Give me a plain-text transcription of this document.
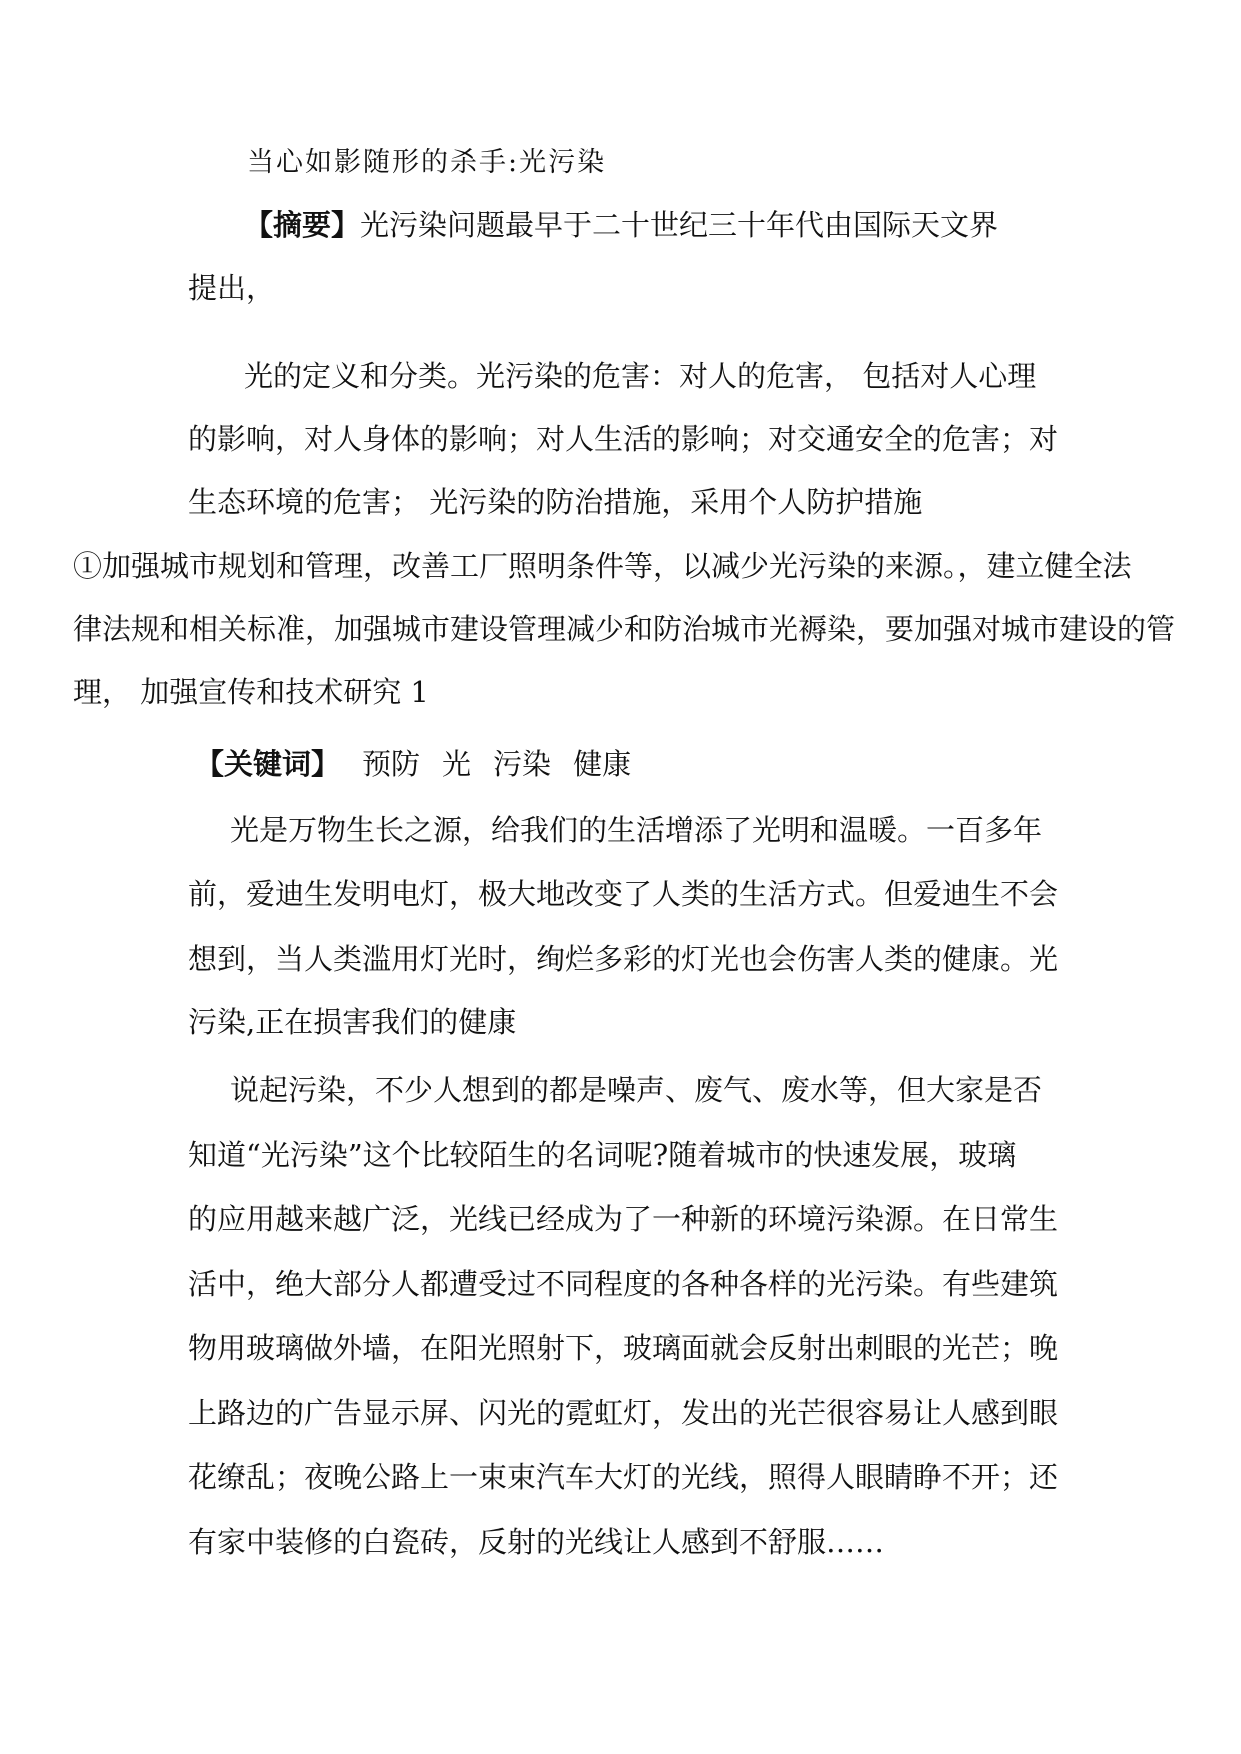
当心如影随形的杀手:光污染

【摘要】光污染问题最早于二十世纪三十年代由国际天文界

提出，

光的定义和分类。光污染的危害：对人的危害， 包括对人心理

的影响，对人身体的影响；对人生活的影响；对交通安全的危害；对

生态环境的危害； 光污染的防治措施，采用个人防护措施

①加强城市规划和管理，改善工厂照明条件等，以减少光污染的来源。，建立健全法

律法规和相关标准，加强城市建设管理减少和防治城市光褥染，要加强对城市建设的管

理， 加强宣传和技术研究 1

【关键词】 预防 光 污染 健康

光是万物生长之源，给我们的生活增添了光明和温暖。一百多年

前，爱迪生发明电灯，极大地改变了人类的生活方式。但爱迪生不会

想到，当人类滥用灯光时，绚烂多彩的灯光也会伤害人类的健康。光

污染,正在损害我们的健康

说起污染，不少人想到的都是噪声、废气、废水等，但大家是否

知道“光污染”这个比较陌生的名词呢?随着城市的快速发展，玻璃

的应用越来越广泛，光线已经成为了一种新的环境污染源。在日常生

活中，绝大部分人都遭受过不同程度的各种各样的光污染。有些建筑

物用玻璃做外墙，在阳光照射下，玻璃面就会反射出刺眼的光芒；晚

上路边的广告显示屏、闪光的霓虹灯，发出的光芒很容易让人感到眼

花缭乱；夜晚公路上一束束汽车大灯的光线，照得人眼睛睁不开；还

有家中装修的白瓷砖，反射的光线让人感到不舒服……
